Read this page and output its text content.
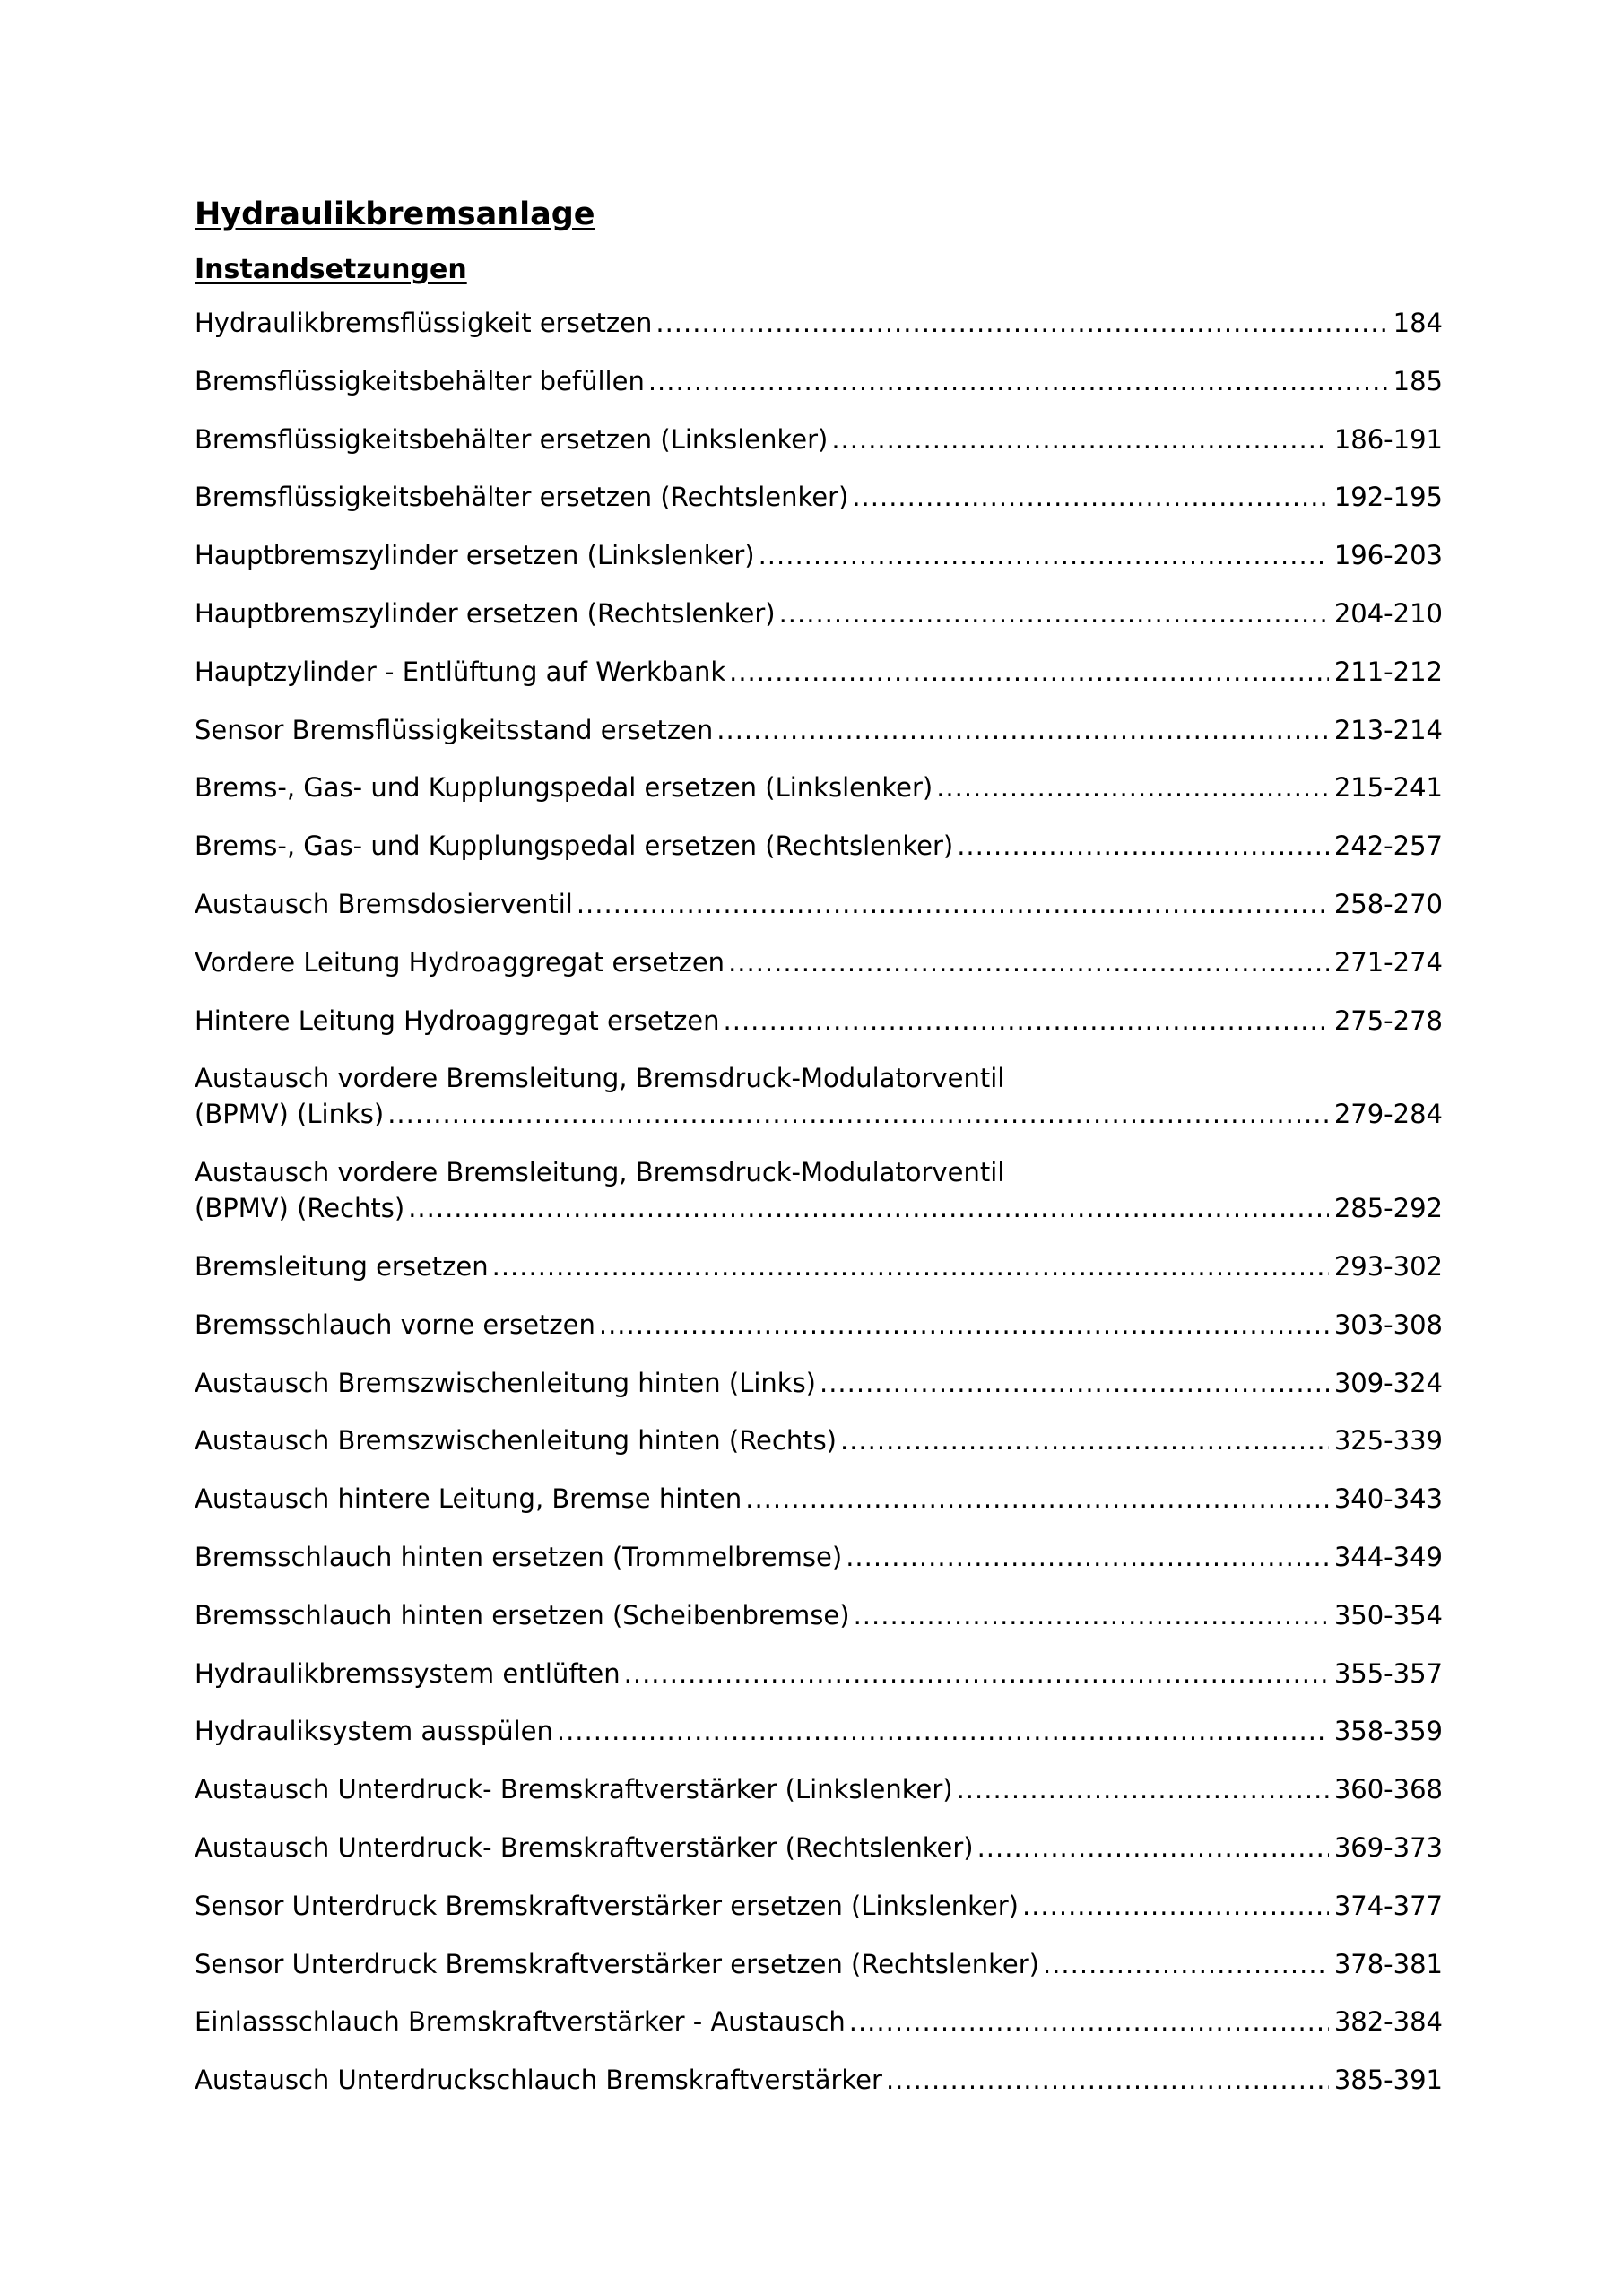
Hydraulikbremsanlage
Instandsetzungen
Hydraulikbremsflüssigkeit ersetzen .....	184
Bremsflüssigkeitsbehälter befüllen .....	185
Bremsflüssigkeitsbehälter ersetzen (Linkslenker) .....	186-191
Bremsflüssigkeitsbehälter ersetzen (Rechtslenker) .....	192-195
Hauptbremszylinder ersetzen (Linkslenker) .....	196-203
Hauptbremszylinder ersetzen (Rechtslenker) .....	204-210
Hauptzylinder - Entlüftung auf Werkbank .....	211-212
Sensor Bremsflüssigkeitsstand ersetzen .....	213-214
Brems-, Gas- und Kupplungspedal ersetzen (Linkslenker) .....	215-241
Brems-, Gas- und Kupplungspedal ersetzen (Rechtslenker) .....	242-257
Austausch Bremsdosierventil .....	258-270
Vordere Leitung Hydroaggregat ersetzen .....	271-274
Hintere Leitung Hydroaggregat ersetzen .....	275-278
Austausch vordere Bremsleitung, Bremsdruck-Modulatorventil
(BPMV) (Links) .....	279-284
Austausch vordere Bremsleitung, Bremsdruck-Modulatorventil
(BPMV) (Rechts) .....	285-292
Bremsleitung ersetzen .....	293-302
Bremsschlauch vorne ersetzen .....	303-308
Austausch Bremszwischenleitung hinten (Links) .....	309-324
Austausch Bremszwischenleitung hinten (Rechts) .....	325-339
Austausch hintere Leitung, Bremse hinten .....	340-343
Bremsschlauch hinten ersetzen (Trommelbremse) .....	344-349
Bremsschlauch hinten ersetzen (Scheibenbremse) .....	350-354
Hydraulikbremssystem entlüften .....	355-357
Hydrauliksystem ausspülen .....	358-359
Austausch Unterdruck- Bremskraftverstärker (Linkslenker) .....	360-368
Austausch Unterdruck- Bremskraftverstärker (Rechtslenker) .....	369-373
Sensor Unterdruck Bremskraftverstärker ersetzen (Linkslenker) .....	374-377
Sensor Unterdruck Bremskraftverstärker ersetzen (Rechtslenker) .....	378-381
Einlassschlauch Bremskraftverstärker - Austausch .....	382-384
Austausch Unterdruckschlauch Bremskraftverstärker .....	385-391
